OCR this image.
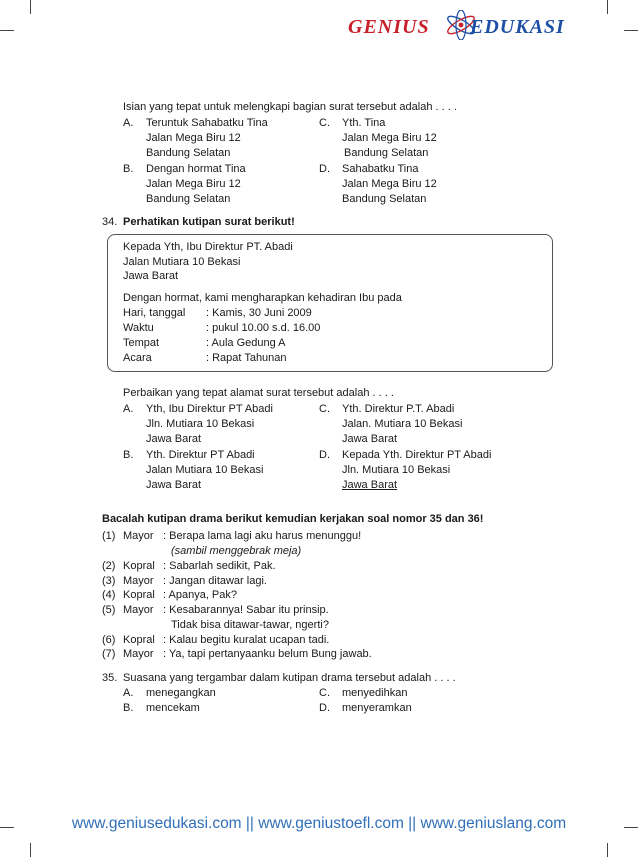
GENIUS EDUKASI
Isian yang tepat untuk melengkapi bagian surat tersebut adalah . . . .
A. Teruntuk Sahabatku Tina
Jalan Mega Biru 12
Bandung Selatan
C. Yth. Tina
Jalan Mega Biru 12
Bandung Selatan
B. Dengan hormat Tina
Jalan Mega Biru 12
Bandung Selatan
D. Sahabatku Tina
Jalan Mega Biru 12
Bandung Selatan
34. Perhatikan kutipan surat berikut!
Kepada Yth, Ibu Direktur PT. Abadi
Jalan Mutiara 10 Bekasi
Jawa Barat
Dengan hormat, kami mengharapkan kehadiran Ibu pada
Hari, tanggal : Kamis, 30 Juni 2009
Waktu	: pukul 10.00 s.d. 16.00
Tempat	: Aula Gedung A
Acara	: Rapat Tahunan
Perbaikan yang tepat alamat surat tersebut adalah . . . .
A. Yth, Ibu Direktur PT Abadi
Jln. Mutiara 10 Bekasi
Jawa Barat
C. Yth. Direktur P.T. Abadi
Jalan. Mutiara 10 Bekasi
Jawa Barat
B. Yth. Direktur PT Abadi
Jalan Mutiara 10 Bekasi
Jawa Barat
D. Kepada Yth. Direktur PT Abadi
Jln. Mutiara 10 Bekasi
Jawa Barat
Bacalah kutipan drama berikut kemudian kerjakan soal nomor 35 dan 36!
(1) Mayor : Berapa lama lagi aku harus menunggu!
(sambil menggebrak meja)
(2) Kopral : Sabarlah sedikit, Pak.
(3) Mayor : Jangan ditawar lagi.
(4) Kopral : Apanya, Pak?
(5) Mayor : Kesabarannya! Sabar itu prinsip.
Tidak bisa ditawar-tawar, ngerti?
(6) Kopral : Kalau begitu kuralat ucapan tadi.
(7) Mayor : Ya, tapi pertanyaanku belum Bung jawab.
35. Suasana yang tergambar dalam kutipan drama tersebut adalah . . . .
A. menegangkan	C. menyedihkan
B. mencekam	D. menyeramkan
www.geniusedukasi.com || www.geniustoefl.com || www.geniuslang.com
